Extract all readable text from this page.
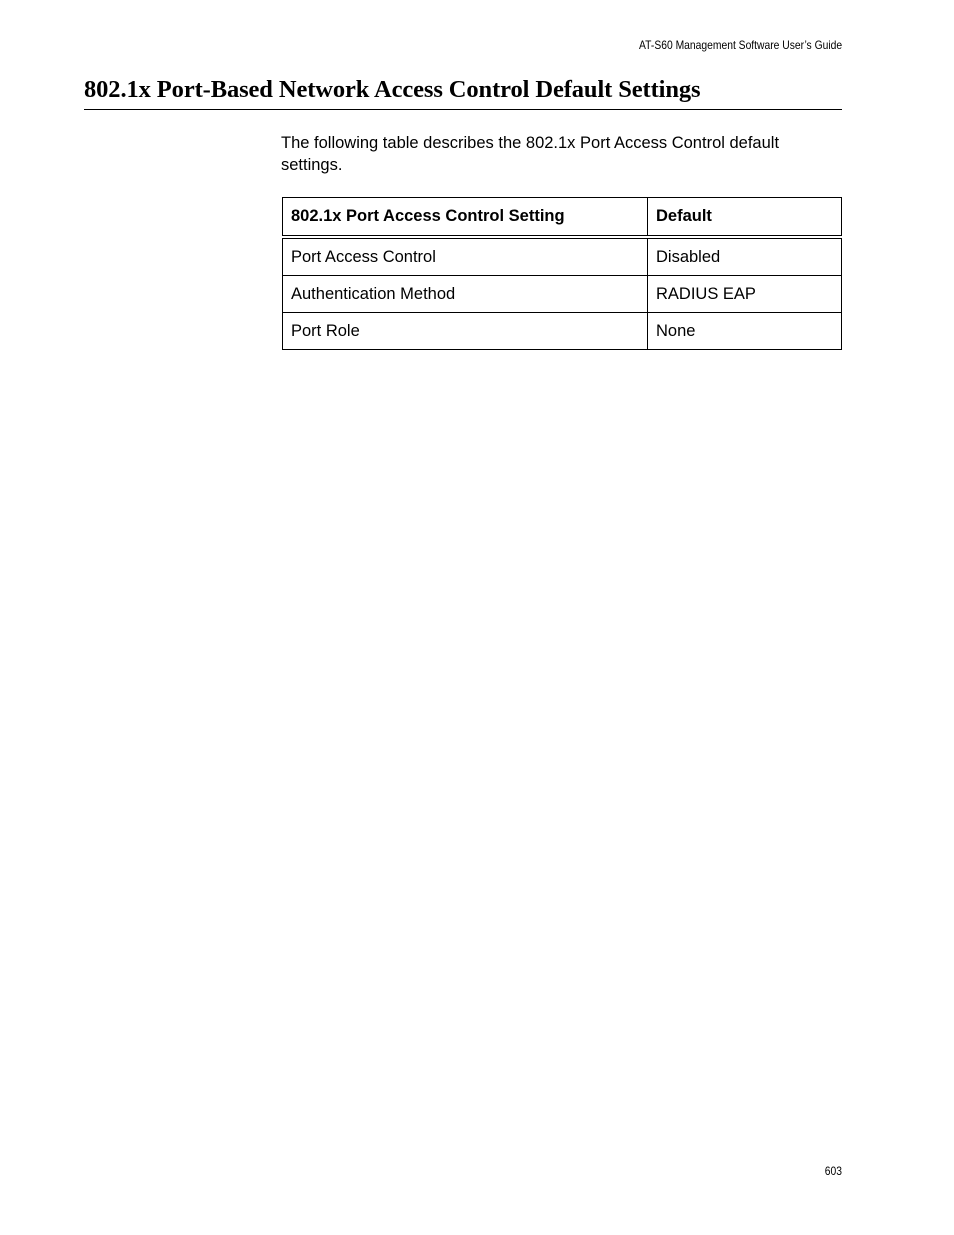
AT-S60 Management Software User’s Guide
802.1x Port-Based Network Access Control Default Settings

The following table describes the 802.1x Port Access Control default settings.

802.1x Port Access Control Setting	Default
Port Access Control	Disabled
Authentication Method	RADIUS EAP
Port Role	None
603
